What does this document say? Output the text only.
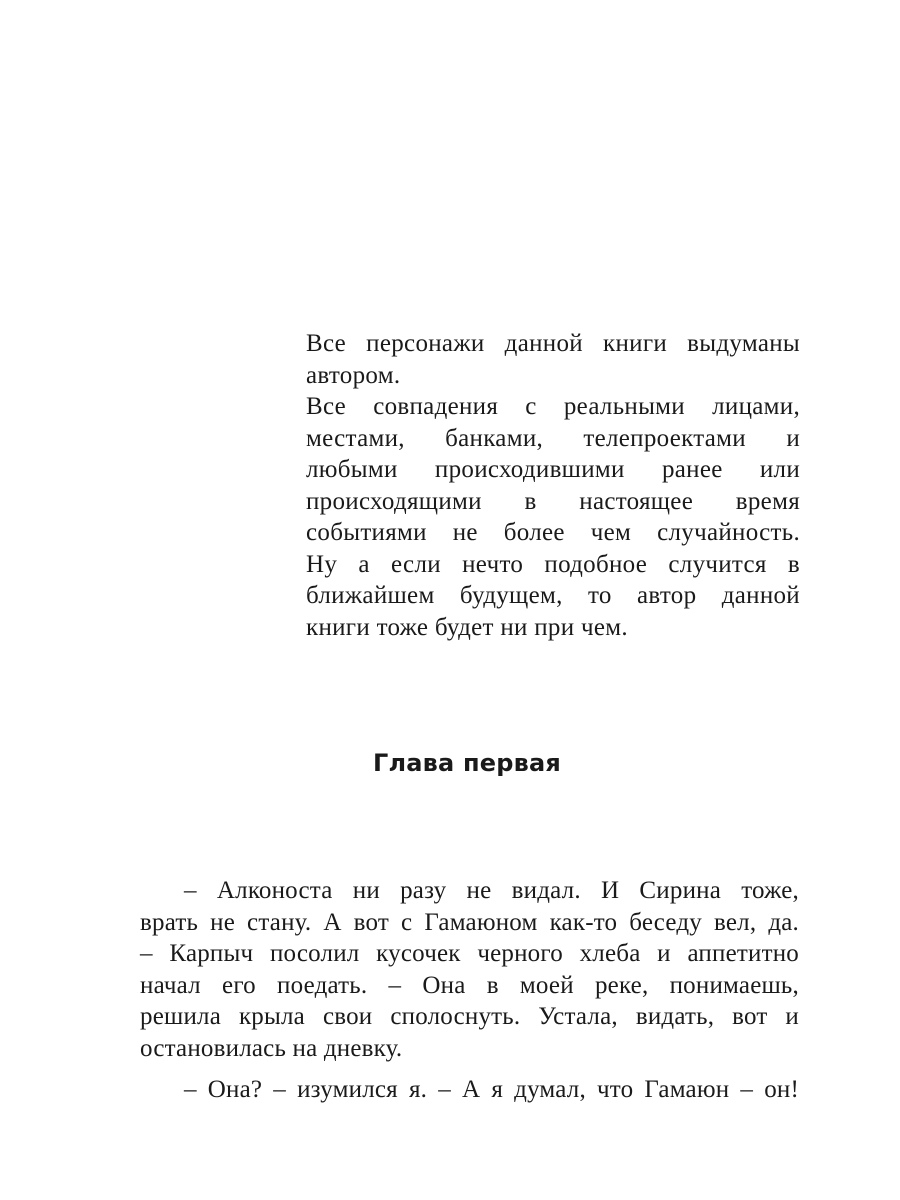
Все персонажи данной книги выдуманы
автором.
Все совпадения с реальными лицами,
местами, банками, телепроектами и
любыми происходившими ранее или
происходящими в настоящее время
событиями не более чем случайность.
Ну а если нечто подобное случится в
ближайшем будущем, то автор данной
книги тоже будет ни при чем.
Глава первая
– Алконоста ни разу не видал. И Сирина тоже,
врать не стану. А вот с Гамаюном как-то беседу вел, да.
– Карпыч посолил кусочек черного хлеба и аппетитно
начал его поедать. – Она в моей реке, понимаешь,
решила крыла свои сполоснуть. Устала, видать, вот и
остановилась на дневку.
– Она? – изумился я. – А я думал, что Гамаюн – он!
